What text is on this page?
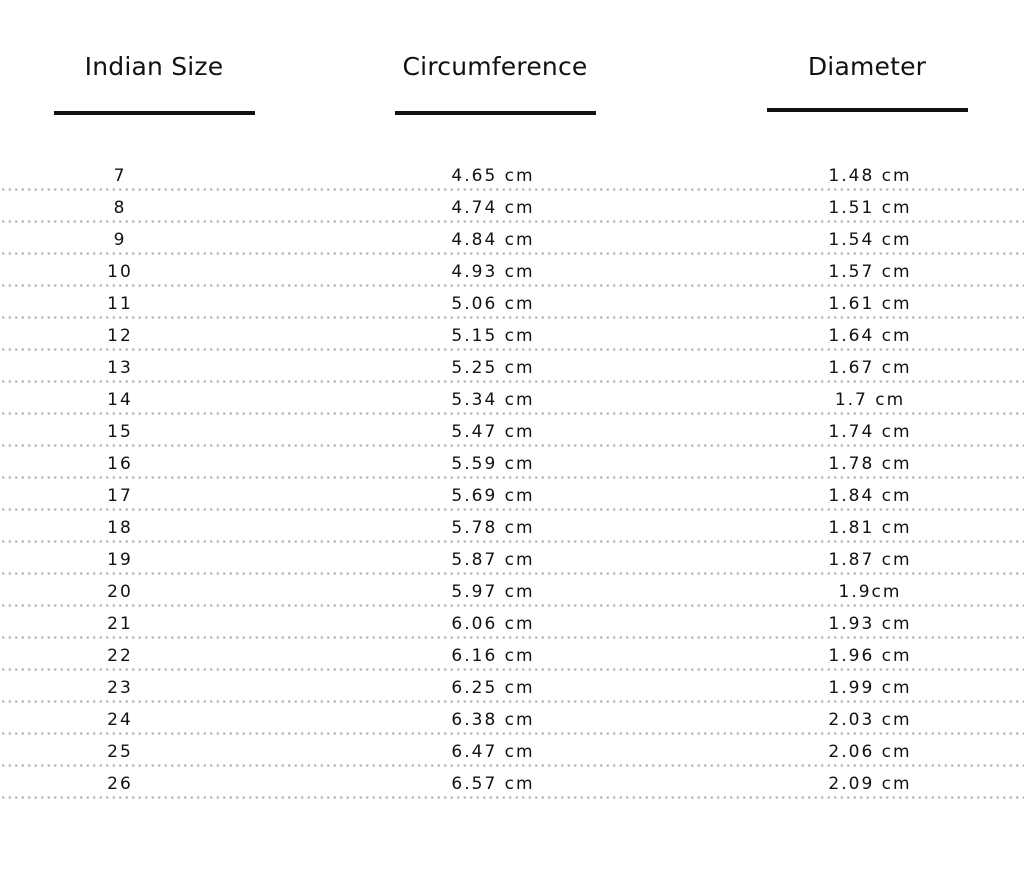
Indian Size	Circumference	Diameter
7	4.65 cm	1.48 cm
8	4.74 cm	1.51 cm
9	4.84 cm	1.54 cm
10	4.93 cm	1.57 cm
11	5.06 cm	1.61 cm
12	5.15 cm	1.64 cm
13	5.25 cm	1.67 cm
14	5.34 cm	1.7 cm
15	5.47 cm	1.74 cm
16	5.59 cm	1.78 cm
17	5.69 cm	1.84 cm
18	5.78 cm	1.81 cm
19	5.87 cm	1.87 cm
20	5.97 cm	1.9cm
21	6.06 cm	1.93 cm
22	6.16 cm	1.96 cm
23	6.25 cm	1.99 cm
24	6.38 cm	2.03 cm
25	6.47 cm	2.06 cm
26	6.57 cm	2.09 cm
